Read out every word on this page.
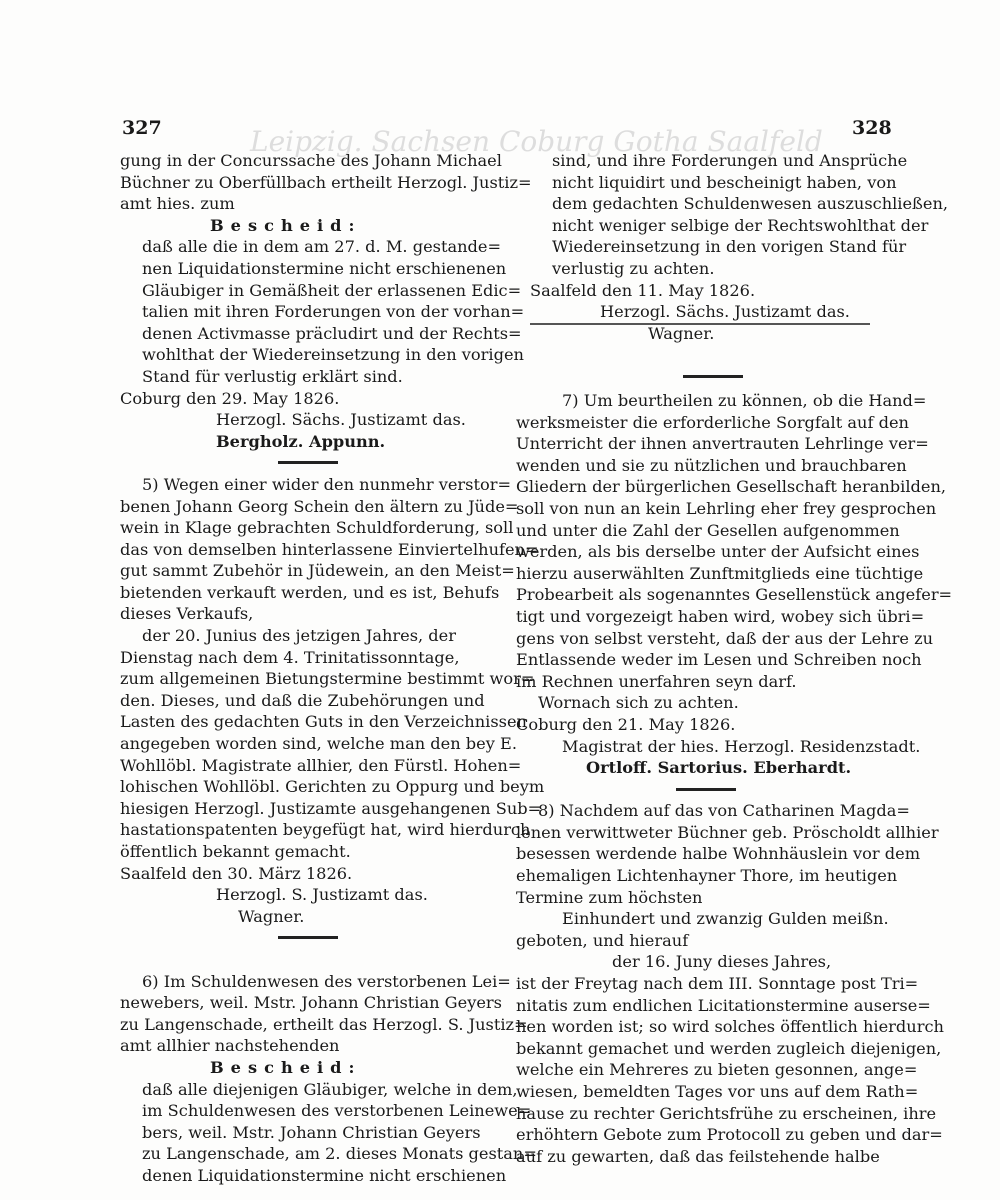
Leipzig. Sachsen Coburg Gotha Saalfeld
327	328
gung in der Concurssache des Johann Michael
Büchner zu Oberfüllbach ertheilt Herzogl. Justiz=
amt hies. zum
Bescheid:
daß alle die in dem am 27. d. M. gestande=
nen Liquidationstermine nicht erschienenen
Gläubiger in Gemäßheit der erlassenen Edic=
talien mit ihren Forderungen von der vorhan=
denen Activmasse präcludirt und der Rechts=
wohlthat der Wiedereinsetzung in den vorigen
Stand für verlustig erklärt sind.
Coburg den 29. May 1826.
Herzogl. Sächs. Justizamt das.
Bergholz. Appunn.
5) Wegen einer wider den nunmehr verstor=
benen Johann Georg Schein den ältern zu Jüde=
wein in Klage gebrachten Schuldforderung, soll
das von demselben hinterlassene Einviertelhufen=
gut sammt Zubehör in Jüdewein, an den Meist=
bietenden verkauft werden, und es ist, Behufs
dieses Verkaufs,
der 20. Junius des jetzigen Jahres, der
Dienstag nach dem 4. Trinitatissonntage,
zum allgemeinen Bietungstermine bestimmt wor=
den. Dieses, und daß die Zubehörungen und
Lasten des gedachten Guts in den Verzeichnissen
angegeben worden sind, welche man den bey E.
Wohllöbl. Magistrate allhier, den Fürstl. Hohen=
lohischen Wohllöbl. Gerichten zu Oppurg und beym
hiesigen Herzogl. Justizamte ausgehangenen Sub=
hastationspatenten beygefügt hat, wird hierdurch
öffentlich bekannt gemacht.
Saalfeld den 30. März 1826.
Herzogl. S. Justizamt das.
Wagner.
6) Im Schuldenwesen des verstorbenen Lei=
newebers, weil. Mstr. Johann Christian Geyers
zu Langenschade, ertheilt das Herzogl. S. Justiz=
amt allhier nachstehenden
Bescheid:
daß alle diejenigen Gläubiger, welche in dem,
im Schuldenwesen des verstorbenen Leinewe=
bers, weil. Mstr. Johann Christian Geyers
zu Langenschade, am 2. dieses Monats gestan=
denen Liquidationstermine nicht erschienen
sind, und ihre Forderungen und Ansprüche
nicht liquidirt und bescheinigt haben, von
dem gedachten Schuldenwesen auszuschließen,
nicht weniger selbige der Rechtswohlthat der
Wiedereinsetzung in den vorigen Stand für
verlustig zu achten.
Saalfeld den 11. May 1826.
Herzogl. Sächs. Justizamt das.
Wagner.
7) Um beurtheilen zu können, ob die Hand=
werksmeister die erforderliche Sorgfalt auf den
Unterricht der ihnen anvertrauten Lehrlinge ver=
wenden und sie zu nützlichen und brauchbaren
Gliedern der bürgerlichen Gesellschaft heranbilden,
soll von nun an kein Lehrling eher frey gesprochen
und unter die Zahl der Gesellen aufgenommen
werden, als bis derselbe unter der Aufsicht eines
hierzu auserwählten Zunftmitglieds eine tüchtige
Probearbeit als sogenanntes Gesellenstück angefer=
tigt und vorgezeigt haben wird, wobey sich übri=
gens von selbst versteht, daß der aus der Lehre zu
Entlassende weder im Lesen und Schreiben noch
im Rechnen unerfahren seyn darf.
Wornach sich zu achten.
Coburg den 21. May 1826.
Magistrat der hies. Herzogl. Residenzstadt.
Ortloff. Sartorius. Eberhardt.
8) Nachdem auf das von Catharinen Magda=
lenen verwittweter Büchner geb. Pröscholdt allhier
besessen werdende halbe Wohnhäuslein vor dem
ehemaligen Lichtenhayner Thore, im heutigen
Termine zum höchsten
Einhundert und zwanzig Gulden meißn.
geboten, und hierauf
der 16. Juny dieses Jahres,
ist der Freytag nach dem III. Sonntage post Tri=
nitatis zum endlichen Licitationstermine auserse=
hen worden ist; so wird solches öffentlich hierdurch
bekannt gemachet und werden zugleich diejenigen,
welche ein Mehreres zu bieten gesonnen, ange=
wiesen, bemeldten Tages vor uns auf dem Rath=
hause zu rechter Gerichtsfrühe zu erscheinen, ihre
erhöhtern Gebote zum Protocoll zu geben und dar=
auf zu gewarten, daß das feilstehende halbe
